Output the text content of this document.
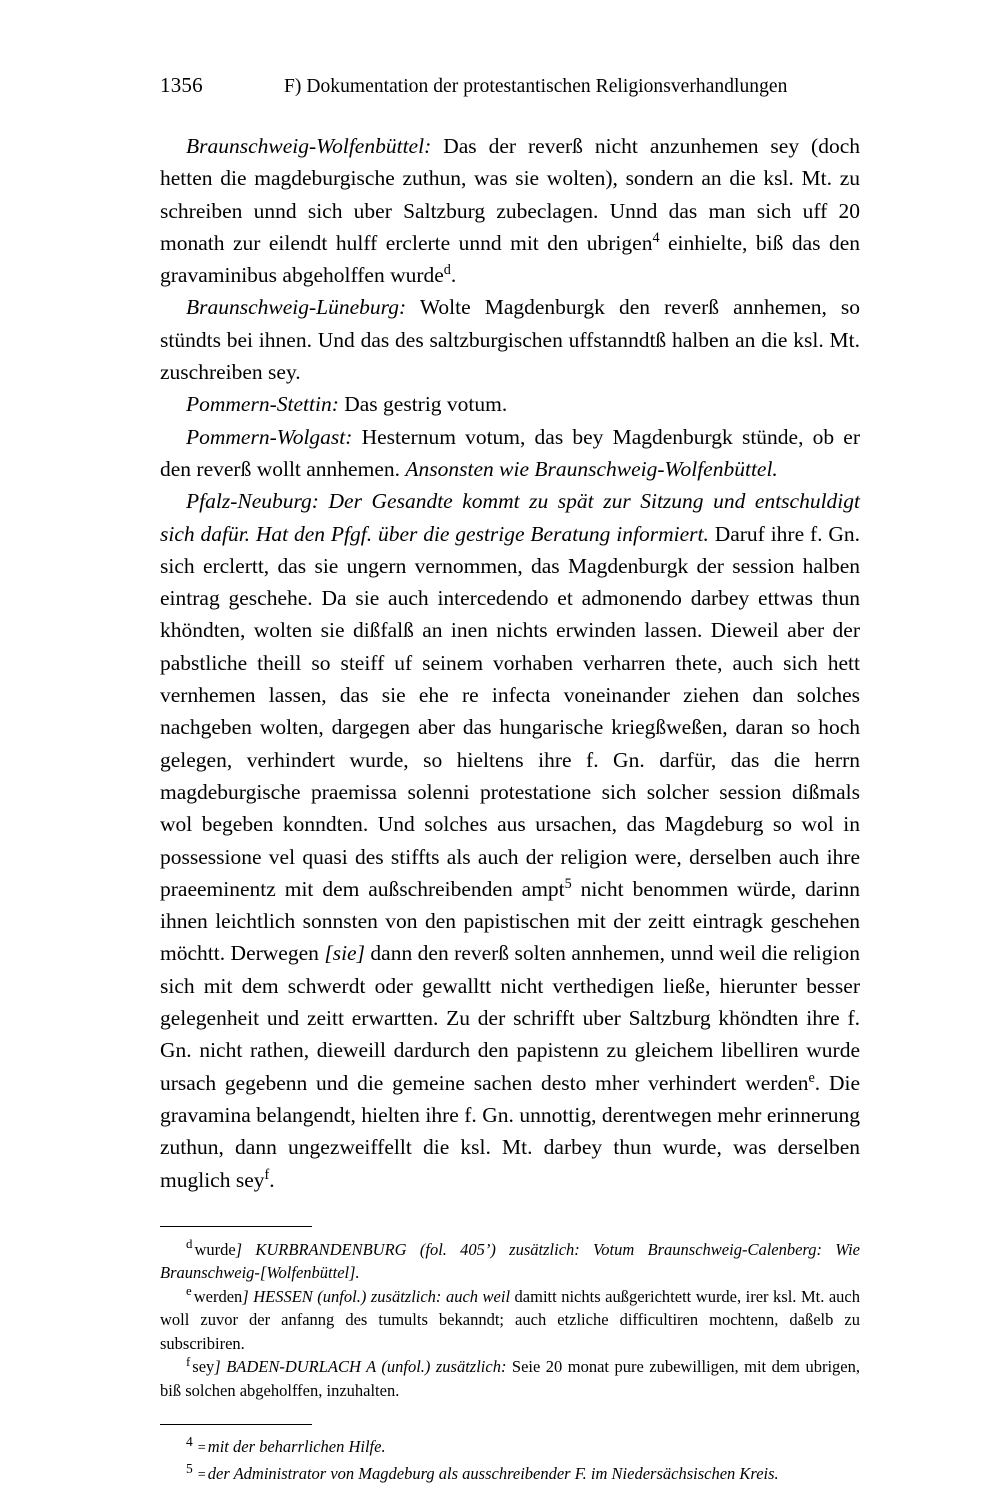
1356	F) Dokumentation der protestantischen Religionsverhandlungen

Braunschweig-Wolfenbüttel: Das der reverß nicht anzunhemen sey (doch hetten die magdeburgische zuthun, was sie wolten), sondern an die ksl. Mt. zu schreiben unnd sich uber Saltzburg zubeclagen. Unnd das man sich uff 20 monath zur eilendt hulff erclerte unnd mit den ubrigen$^4$ einhielte, biß das den gravaminibus abgeholffen wurde$^d$.

Braunschweig-Lüneburg: Wolte Magdenburgk den reverß annhemen, so stündts bei ihnen. Und das des saltzburgischen uffstanndtß halben an die ksl. Mt. zuschreiben sey.

Pommern-Stettin: Das gestrig votum.

Pommern-Wolgast: Hesternum votum, das bey Magdenburgk stünde, ob er den reverß wollt annhemen. Ansonsten wie Braunschweig-Wolfenbüttel.

Pfalz-Neuburg: Der Gesandte kommt zu spät zur Sitzung und entschuldigt sich dafür. Hat den Pfgf. über die gestrige Beratung informiert. Daruf ihre f. Gn. sich erclertt, das sie ungern vernommen, das Magdenburgk der session halben eintrag geschehe. Da sie auch intercedendo et admonendo darbey ettwas thun khöndten, wolten sie dißfalß an inen nichts erwinden lassen. Dieweil aber der pabstliche theill so steiff uf seinem vorhaben verharren thete, auch sich hett vernhemen lassen, das sie ehe re infecta voneinander ziehen dan solches nachgeben wolten, dargegen aber das hungarische kriegßweßen, daran so hoch gelegen, verhindert wurde, so hieltens ihre f. Gn. darfür, das die herrn magdeburgische praemissa solenni protestatione sich solcher session dißmals wol begeben konndten. Und solches aus ursachen, das Magdeburg so wol in possessione vel quasi des stiffts als auch der religion were, derselben auch ihre praeeminentz mit dem außschreibenden ampt$^5$ nicht benommen würde, darinn ihnen leichtlich sonnsten von den papistischen mit der zeitt eintragk geschehen möchtt. Derwegen [sie] dann den reverß solten annhemen, unnd weil die religion sich mit dem schwerdt oder gewalltt nicht verthedigen ließe, hierunter besser gelegenheit und zeitt erwartten. Zu der schrifft uber Saltzburg khöndten ihre f. Gn. nicht rathen, dieweill dardurch den papistenn zu gleichem libelliren wurde ursach gegebenn und die gemeine sachen desto mher verhindert werden$^e$. Die gravamina belangendt, hielten ihre f. Gn. unnottig, derentwegen mehr erinnerung zuthun, dann ungezweiffellt die ksl. Mt. darbey thun wurde, was derselben muglich sey$^f$.

$^d$ wurde] KURBRANDENBURG (fol. 405’) zusätzlich: Votum Braunschweig-Calenberg: Wie Braunschweig-[Wolfenbüttel].

$^e$ werden] HESSEN (unfol.) zusätzlich: auch weil damitt nichts außgerichtett wurde, irer ksl. Mt. auch woll zuvor der anfanng des tumults bekanndt; auch etzliche difficultiren mochtenn, daßelb zu subscribiren.

$^f$ sey] BADEN-DURLACH A (unfol.) zusätzlich: Seie 20 monat pure zubewilligen, mit dem ubrigen, biß solchen abgeholffen, inzuhalten.

$^4$ = mit der beharrlichen Hilfe.

$^5$ = der Administrator von Magdeburg als ausschreibender F. im Niedersächsischen Kreis.
